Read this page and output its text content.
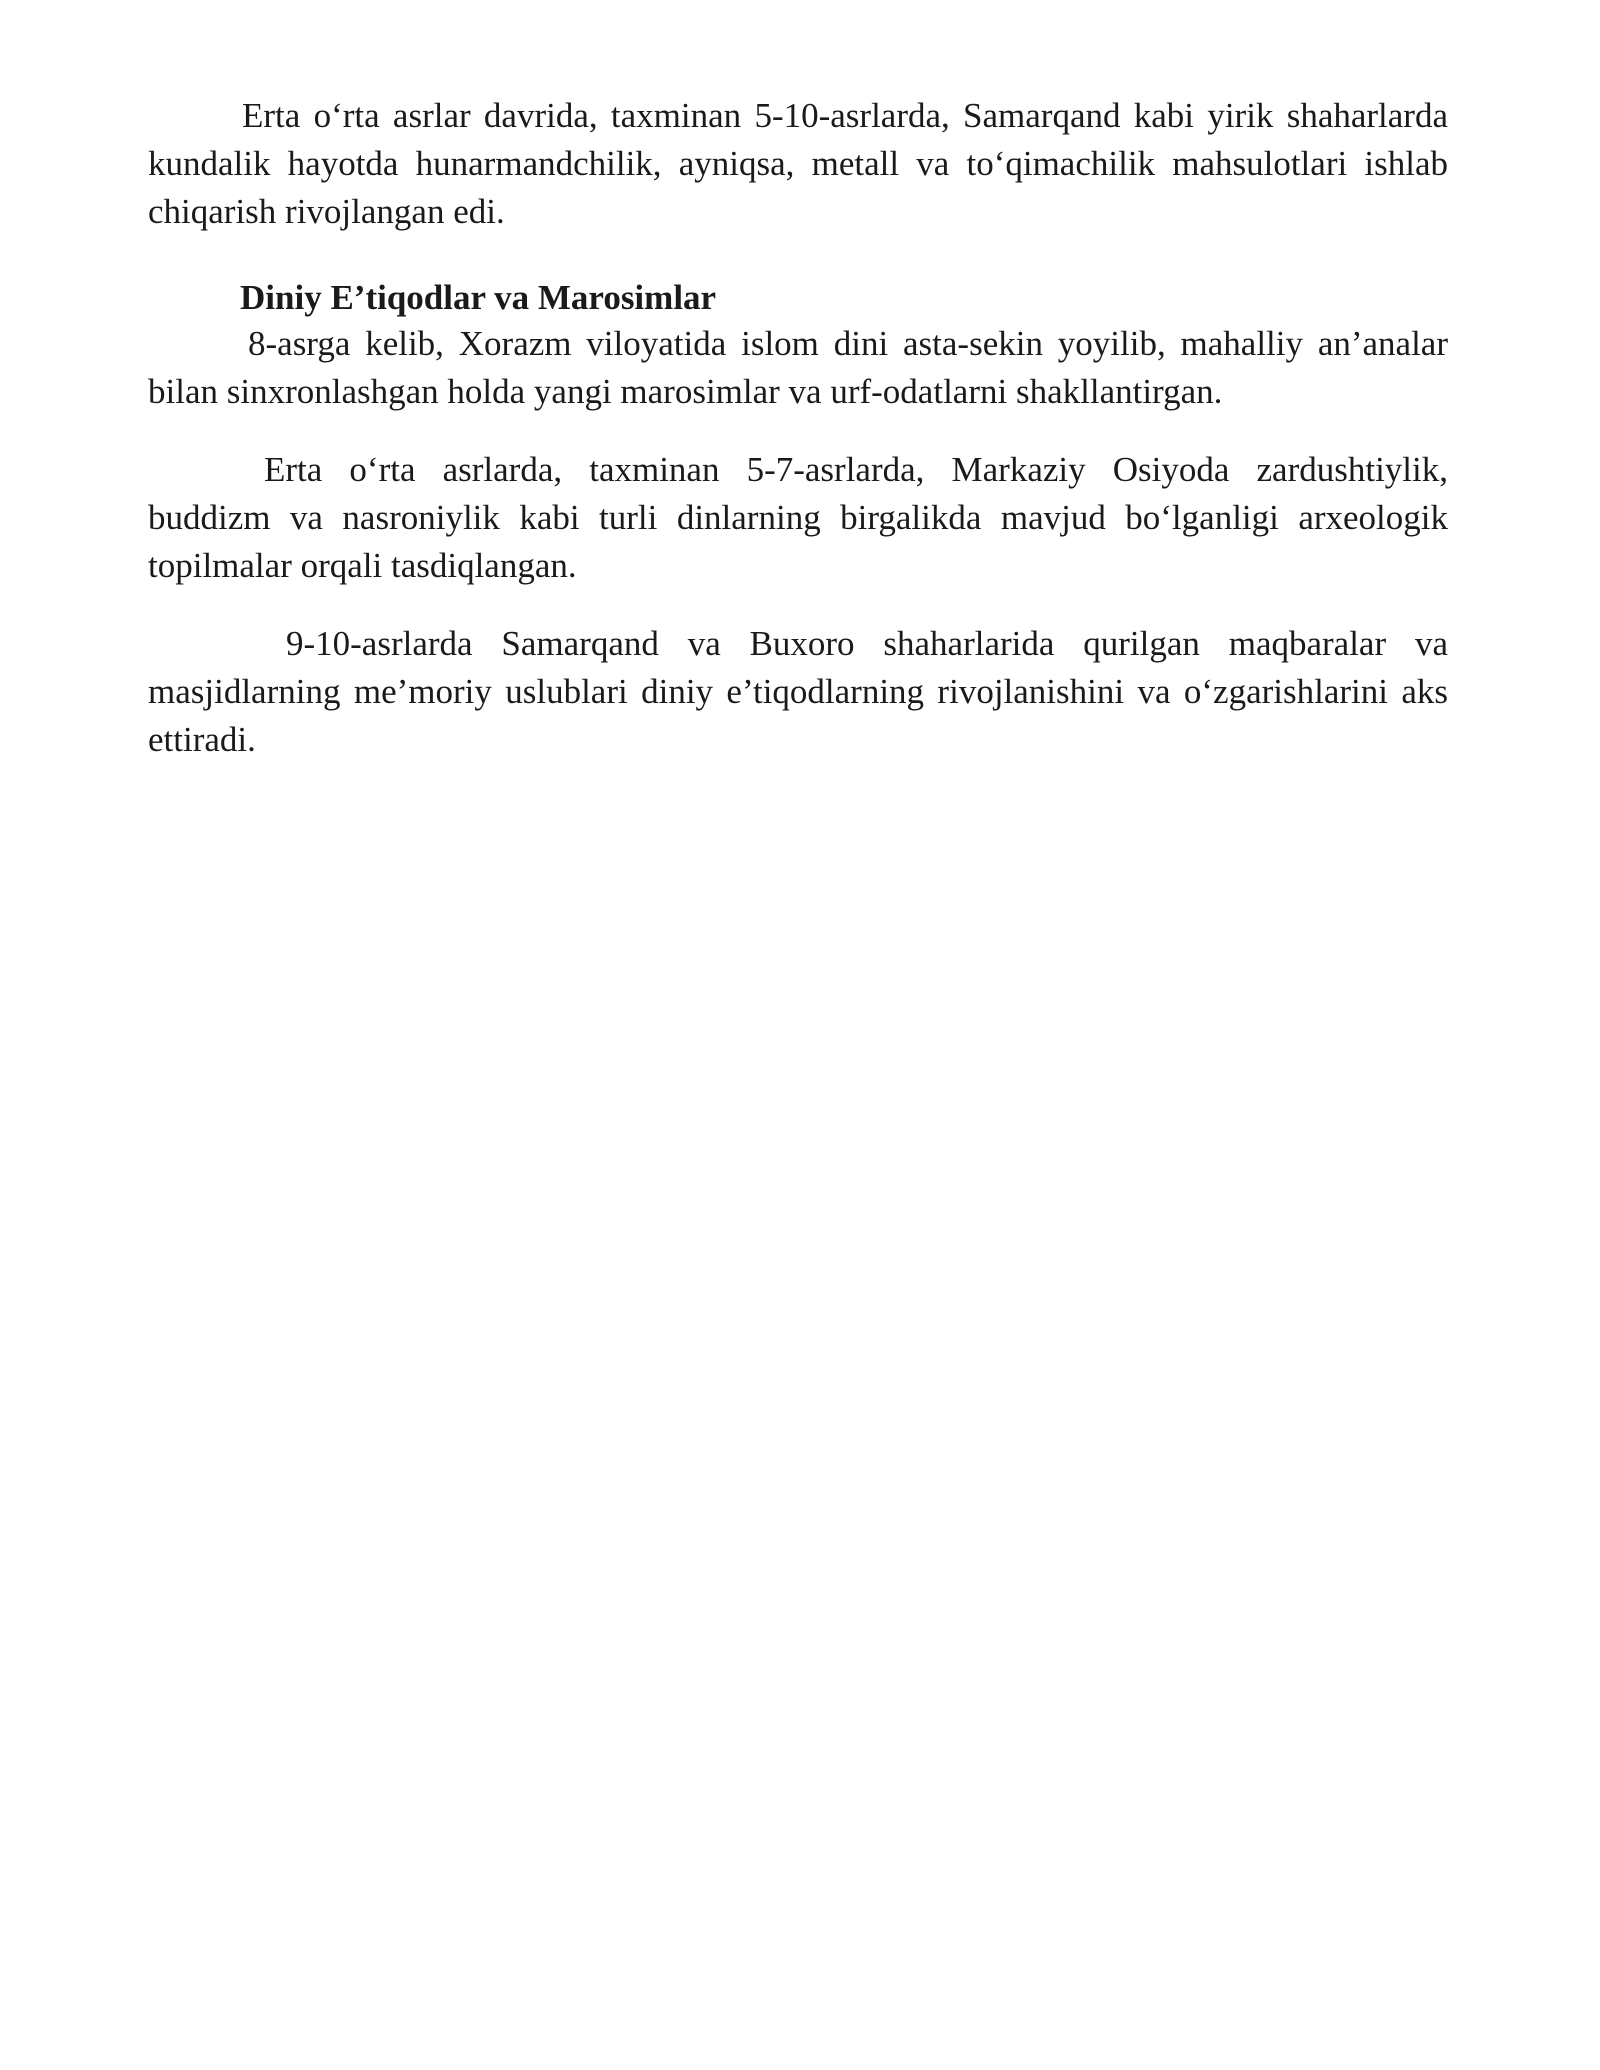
Erta o‘rta asrlar davrida, taxminan 5-10-asrlarda, Samarqand kabi yirik shaharlarda kundalik hayotda hunarmandchilik, ayniqsa, metall va to‘qimachilik mahsulotlari ishlab chiqarish rivojlangan edi.

Diniy E’tiqodlar va Marosimlar

8-asrga kelib, Xorazm viloyatida islom dini asta-sekin yoyilib, mahalliy an’analar bilan sinxronlashgan holda yangi marosimlar va urf-odatlarni shakllantirgan.

Erta o‘rta asrlarda, taxminan 5-7-asrlarda, Markaziy Osiyoda zardushtiylik, buddizm va nasroniylik kabi turli dinlarning birgalikda mavjud bo‘lganligi arxeologik topilmalar orqali tasdiqlangan.

9-10-asrlarda Samarqand va Buxoro shaharlarida qurilgan maqbaralar va masjidlarning me’moriy uslublari diniy e’tiqodlarning rivojlanishini va o‘zgarishlarini aks ettiradi.
